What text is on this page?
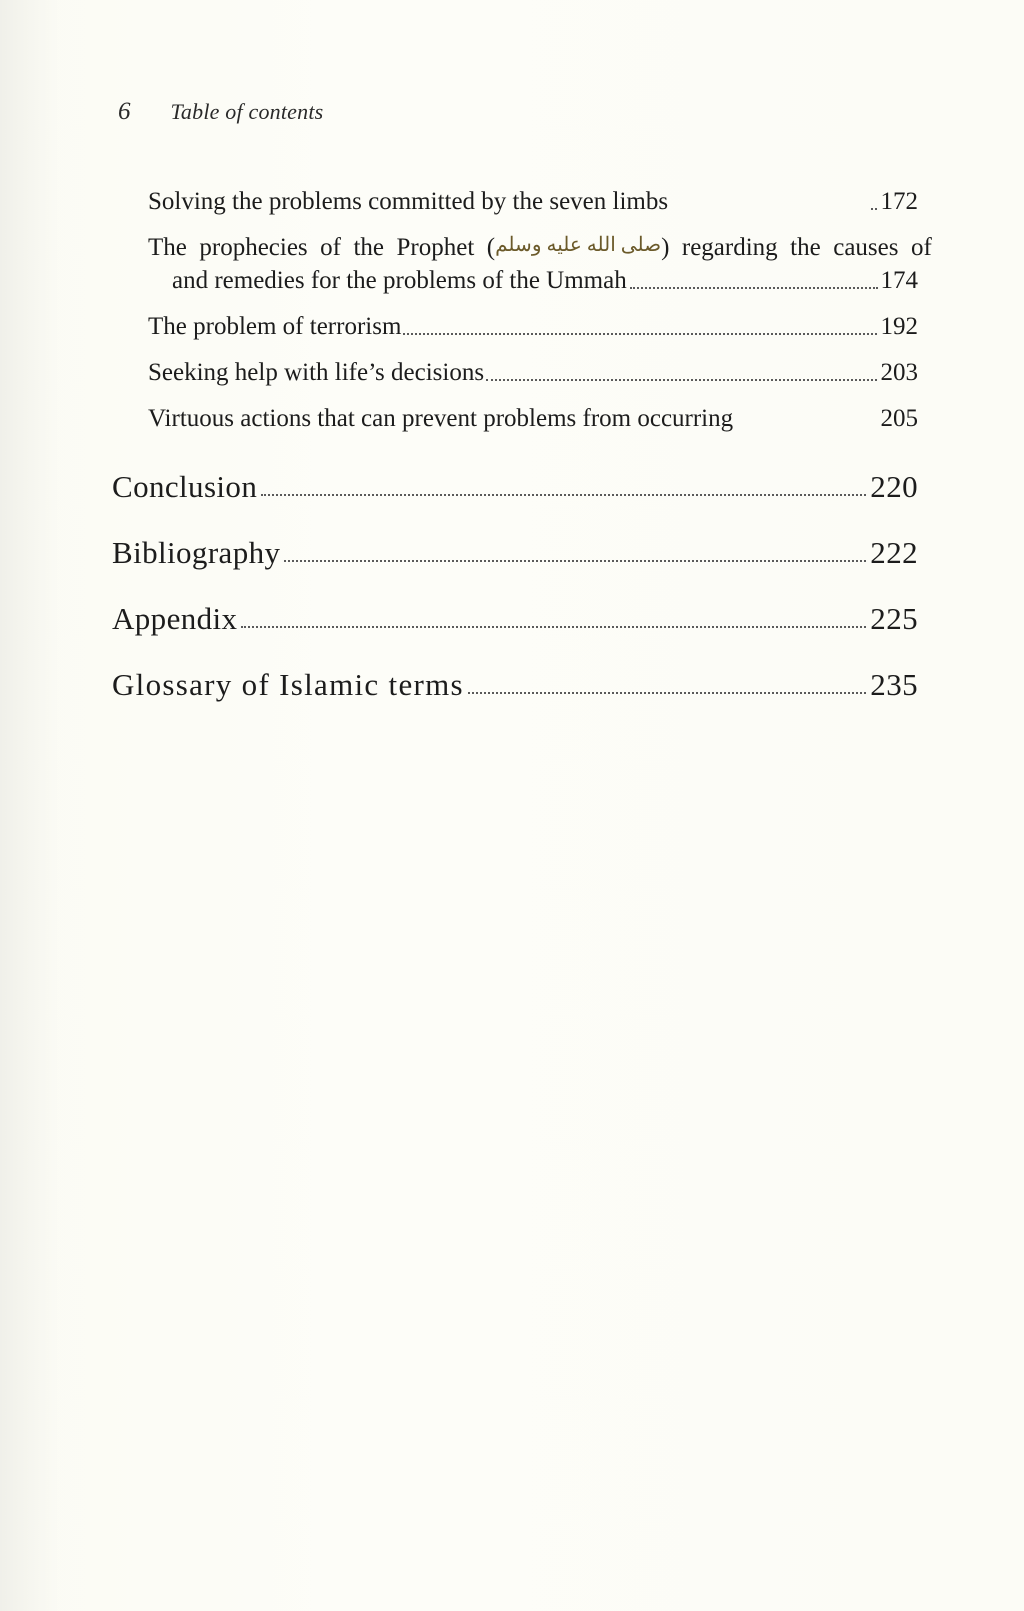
6 Table of contents
Solving the problems committed by the seven limbs	172
The  prophecies  of  the  Prophet  ( صلى الله عليه وسلم )  regarding  the  causes  of
and remedies for the problems of the Ummah	174
The problem of terrorism	192
Seeking help with life’s decisions	203
Virtuous actions that can prevent problems from occurring	205
Conclusion	220
Bibliography	222
Appendix	225
Glossary of Islamic terms	235
